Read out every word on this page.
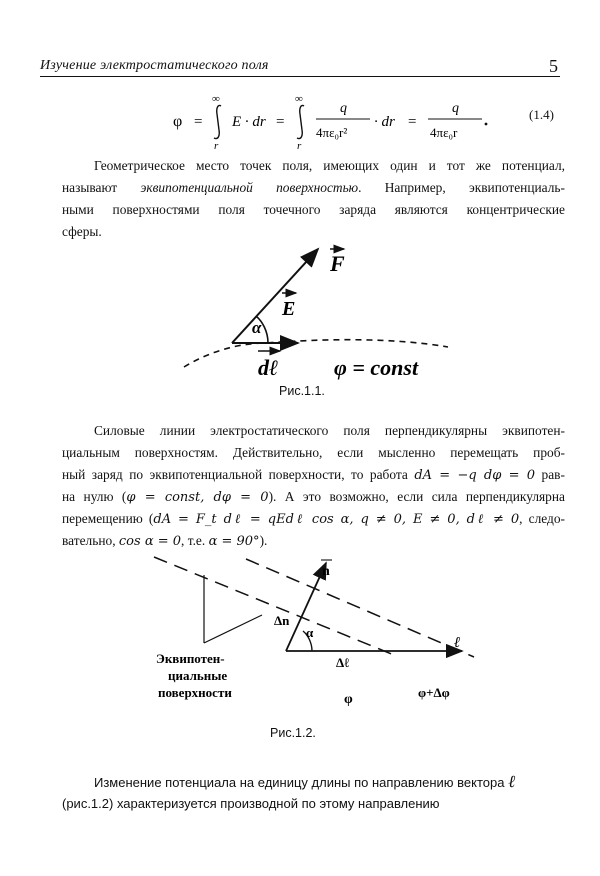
Изучение электростатического поля	5
φ =
∞
r
E · dr =
∞
r
q
4πε₀r²
· dr =
q
4πε₀r
(1.4)
Геометрическое место точек поля, имеющих один и тот же потенциал,
называют эквипотенциальной поверхностью. Например, эквипотенциаль-
ными поверхностями поля точечного заряда являются концентрические
сферы.
F
E
α
dℓ	φ = const
Рис.1.1.
Силовые линии электростатического поля перпендикулярны эквипотен-
циальным поверхностям. Действительно, если мысленно перемещать проб-
ный заряд по эквипотенциальной поверхности, то работа dA = −q dφ = 0 рав-
на нулю (φ = const, dφ = 0). А это возможно, если сила перпендикулярна
перемещению (dA = F_t dℓ = qEdℓ cos α, q ≠ 0, E ≠ 0, dℓ ≠ 0, следо-
вательно, cos α = 0, т.е. α = 90°).
n
Δn
α
Δℓ
ℓ
φ	φ+Δφ
Эквипотен-
циальные
поверхности
Рис.1.2.
Изменение потенциала на единицу длины по направлению вектора ℓ
(рис.1.2) характеризуется производной по этому направлению
